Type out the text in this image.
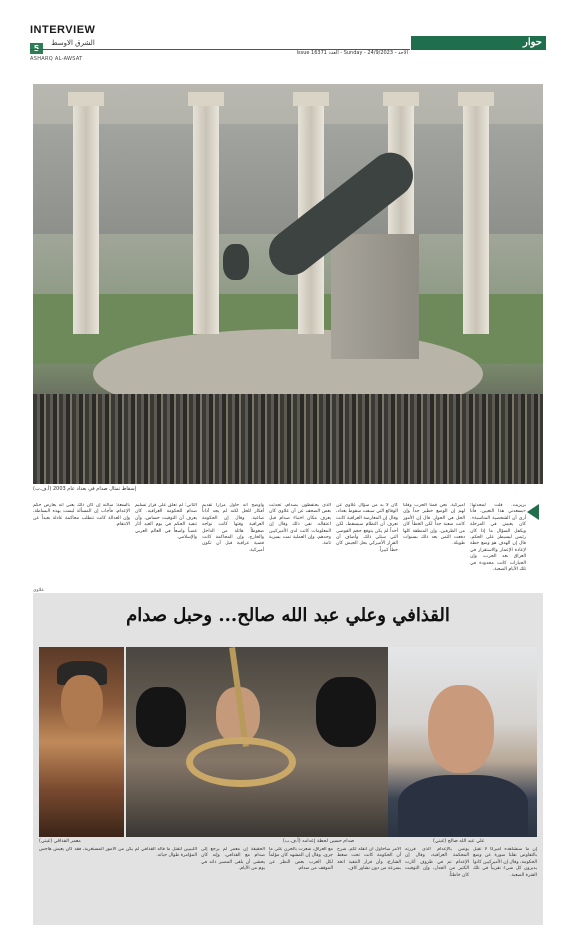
INTERVIEW
الشرق الاوسط
ASHARQ AL-AWSAT
الأحد - 24/9/2023 - Sunday - العدد 16371 Issue
حوار
إسقاط تمثال صدام في بغداد عام 2003 (أ.ف.ب)
بريزيت. قلت لمحدثها: «يسعدني هذا التعيين، فأنا أرى أن الشخصية المناسبة». كان يعيش في المرحلة ويكفل السؤال ما إذا كان رئيس ليسيطر على الحكم. قال إن الهدف هو وضع خطة لإعادة الإعمار والاستقرار في العراق بعد الحرب، وإن الخيارات كانت محدودة في تلك الأيام الصعبة.
أميركية. نحن قمنا الحرب وقلنا لهم إن الوضع خطير جداً وإن الحل في الحوار. قال إن الأمور كانت صعبة جداً لكن الخطأ كان من الطرفين، وإن المنطقة كلها دفعت الثمن بعد ذلك بسنوات طويلة.
كان لا بد من سؤال علاوي عن الوقائع التي سبقت سقوط بغداد، وقال إن المعارضة العراقية كانت تعرف أن النظام سيسقط، لكن أحداً لم يكن يتوقع حجم الفوضى التي ستلي ذلك. وأضاف أن القرار الأميركي بحل الجيش كان خطأً كبيراً.
الذي يحتفظون بصدام، تحدثت بعض الصحف عن أن علاوي كان يعرف مكان اختباء صدام قبل اعتقاله. نفى ذلك وقال إن المعلومات كانت لدى الأميركيين وحدهم، وإن العملية تمت بسرية تامة.
وأوضح أنه حاول مراراً تقديم أفكار للحل لكنه لم يجد آذاناً صاغية. وقال إن الحكومة العراقية وقتها كانت تواجه ضغوطاً هائلة من الداخل والخارج، وإن المحاكمة كانت قضية عراقية قبل أن تكون أميركية.
الثاني: لم تعلق على قرار تسليم صدام للحكومة العراقية. كان يعرف أن التوقيت حساس، وأن تنفيذ الحكم في يوم العيد أثار غضباً واسعاً في العالم العربي والإسلامي.
بالسعة: سألته إن كان ذلك يعني أنه يعارض حكم الإعدام، فأجاب إن المسألة ليست بهذه البساطة، وإن العدالة كانت تتطلب محاكمة عادلة بعيداً عن الانتقام.
علاوي
القذافي وعلي عبد الله صالح... وحبل صدام
معمر القذافي (غيتي)	صدام حسين لحظة إعدامه (أ.ف.ب)	علي عبد الله صالح (غيتي)
إن ما سنشاهده أميركا لا تقبل بالتفاوض نقلنا صورة عن وضع الحكومة، وقال إن الأميركيين كانوا يديرون كل شيء تقريباً في تلك الفترة الصعبة.
يونس بالإعدام الذي قررته المحكمة العراقية، وقال إن الإعدام تم في ظروف أثارت الكثير من الجدل، وإن التوقيت كان خاطئاً.
الأمر سأحاول أن أنقله لكم. شرح أن الحكومة كانت تحت ضغط الشارع، وأن قرار التنفيذ اتخذ بسرعة من دون تشاور كاف.
مع العراق، شعرت بالحزن على ما جرى، وقال إن المشهد كان مؤلماً لكل العرب بغض النظر عن الموقف من صدام.
الحقيقة إن معمر لم يرجع إلى صدام مع القذافي، وإنه كان يخشى أن يلقى المصير ذاته في يوم من الأيام.
الليبيين لتقتل ما قاله القذافي لم يكن من الأمور المستغربة، فقد كان يعيش هاجس المؤامرة طوال حياته.
